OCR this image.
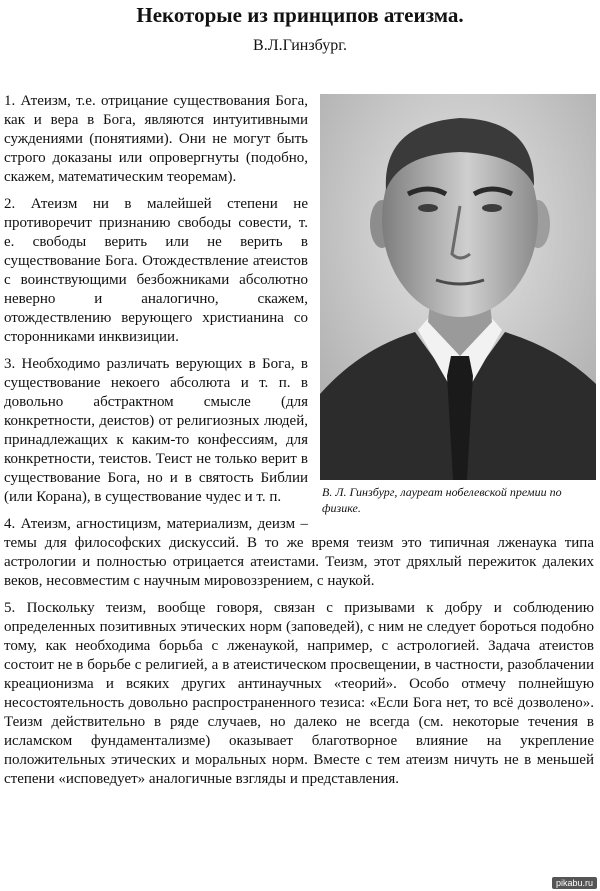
Некоторые из принципов атеизма.
В.Л.Гинзбург.
В. Л. Гинзбург, лауреат нобелевской премии по физике.

1. Атеизм, т.е. отрицание существования Бога, как и вера в Бога, являются интуитивными суждениями (понятиями). Они не могут быть строго доказаны или опровергнуты (подобно, скажем, математическим теоремам).

2. Атеизм ни в малейшей степени не противоречит признанию свободы совести, т. е. свободы верить или не верить в существование Бога. Отождествление атеистов с воинствующими безбожниками абсолютно неверно и аналогично, скажем, отождествлению верующего христианина со сторонниками инквизиции.

3. Необходимо различать верующих в Бога, в существование некоего абсолюта и т. п. в довольно абстрактном смысле (для конкретности, деистов) от религиозных людей, принадлежащих к каким-то конфессиям, для конкретности, теистов. Теист не только верит в существование Бога, но и в святость Библии (или Корана), в существование чудес и т. п.

4. Атеизм, агностицизм, материализм, деизм – темы для философских дискуссий. В то же время теизм это типичная лженаука типа астрологии и полностью отрицается атеистами. Теизм, этот дряхлый пережиток далеких веков, несовместим с научным мировоззрением, с наукой.

5. Поскольку теизм, вообще говоря, связан с призывами к добру и соблюдению определенных позитивных этических норм (заповедей), с ним не следует бороться подобно тому, как необходима борьба с лженаукой, например, с астрологией. Задача атеистов состоит не в борьбе с религией, а в атеистическом просвещении, в частности, разоблачении креационизма и всяких других антинаучных «теорий». Особо отмечу полнейшую несостоятельность довольно распространенного тезиса: «Если Бога нет, то всё дозволено». Теизм действительно в ряде случаев, но далеко не всегда (см. некоторые течения в исламском фундаментализме) оказывает благотворное влияние на укрепление положительных этических и моральных норм. Вместе с тем атеизм ничуть не в меньшей степени «исповедует» аналогичные взгляды и представления.

pikabu.ru
